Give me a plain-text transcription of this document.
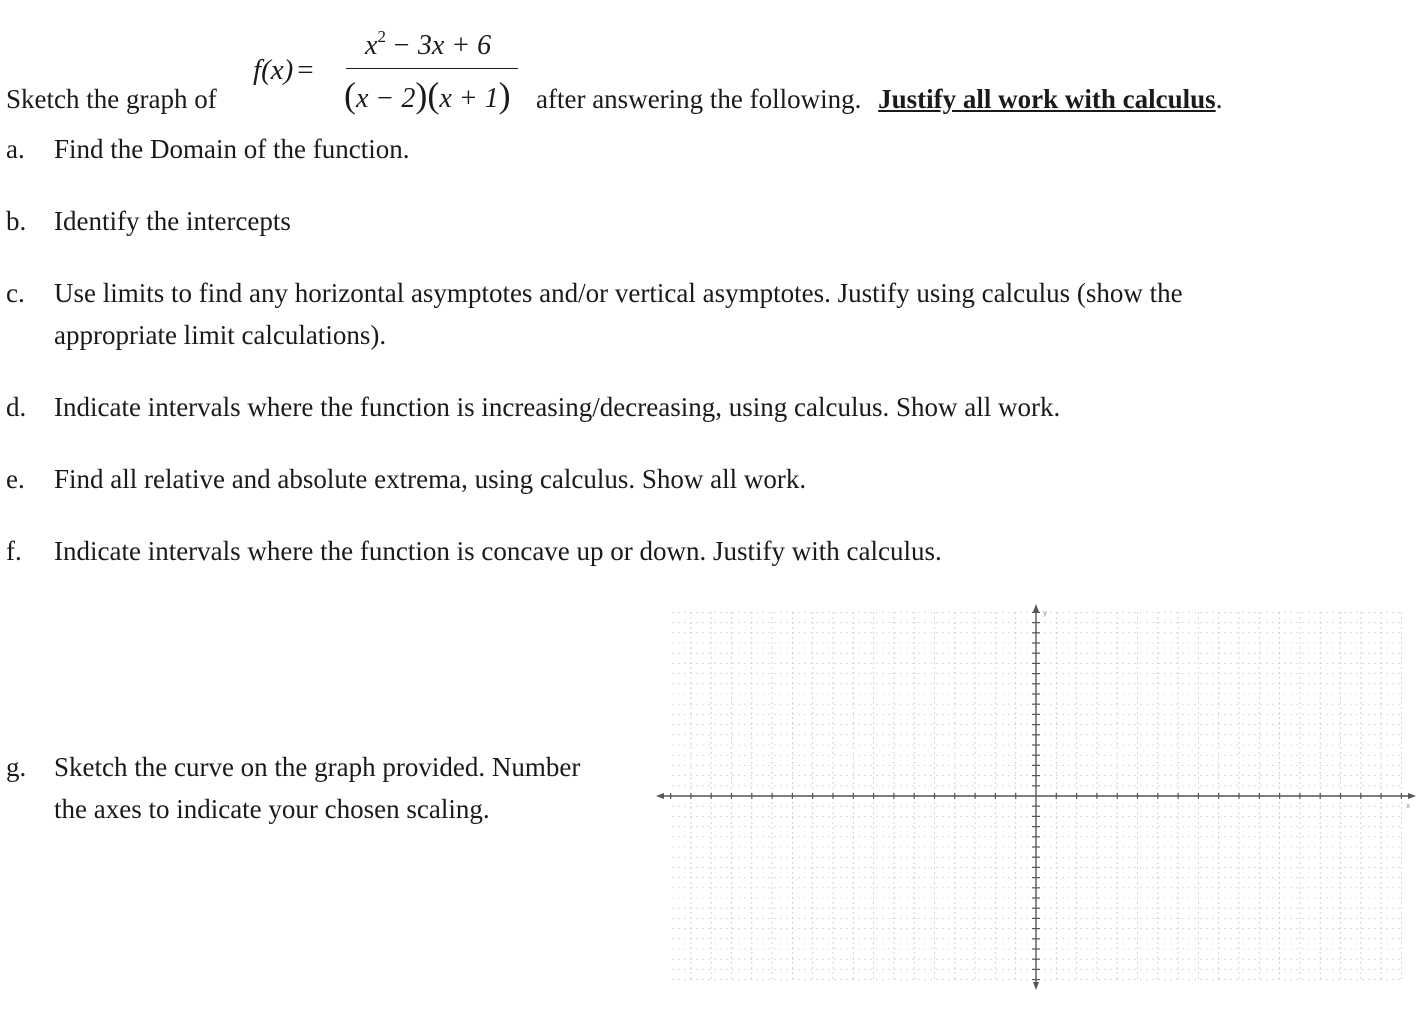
Sketch the graph of
f(x) =
$x^2 - 3x + 6$
(x − 2)(x + 1) after answering the following. Justify all work with calculus.
a. Find the Domain of the function.
b. Identify the intercepts
c. Use limits to find any horizontal asymptotes and/or vertical asymptotes. Justify using calculus (show the
appropriate limit calculations).
d. Indicate intervals where the function is increasing/decreasing, using calculus. Show all work.
e. Find all relative and absolute extrema, using calculus. Show all work.
f. Indicate intervals where the function is concave up or down. Justify with calculus.
g. Sketch the curve on the graph provided. Number
the axes to indicate your chosen scaling.
y
x
